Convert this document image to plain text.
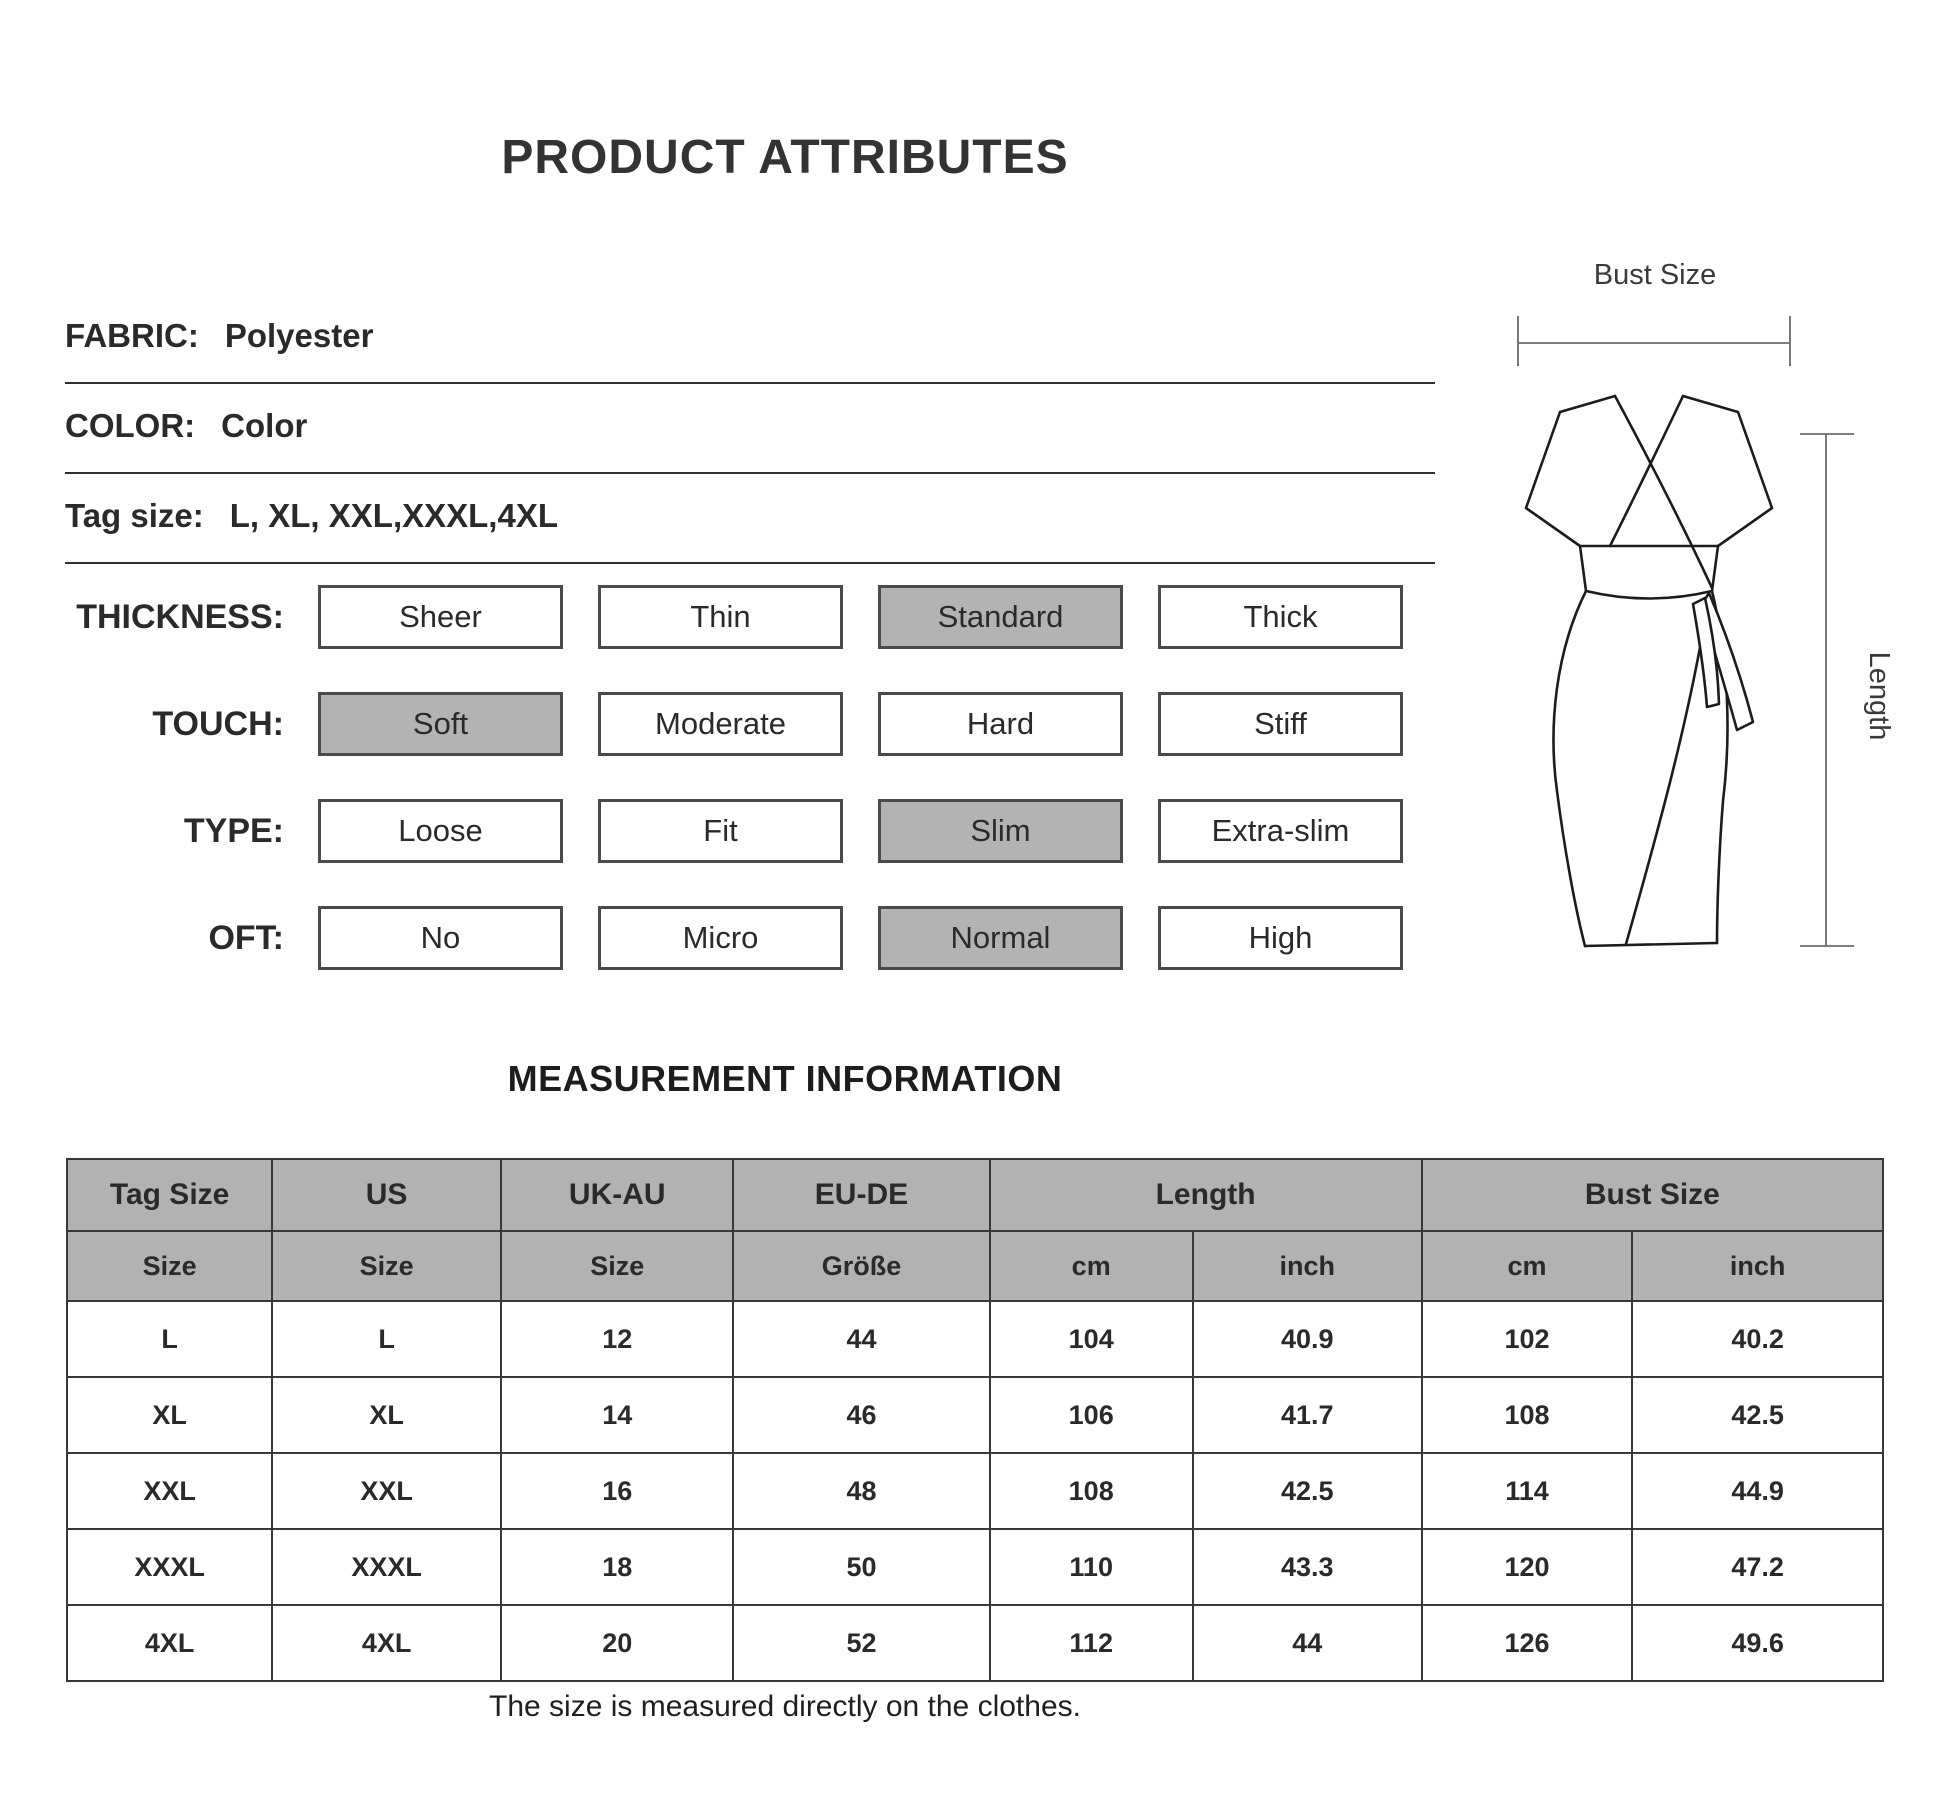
PRODUCT ATTRIBUTES
FABRIC: Polyester
COLOR: Color
Tag size: L, XL, XXL,XXXL,4XL
THICKNESS:	Sheer	Thin	Standard	Thick
TOUCH:	Soft	Moderate	Hard	Stiff
TYPE:	Loose	Fit	Slim	Extra-slim
OFT:	No	Micro	Normal	High
Bust Size
Length
MEASUREMENT INFORMATION
Tag Size	US	UK-AU	EU-DE	Length		Bust Size	
Size	Size	Size	Größe	cm	inch	cm	inch
L	L	12	44	104	40.9	102	40.2
XL	XL	14	46	106	41.7	108	42.5
XXL	XXL	16	48	108	42.5	114	44.9
XXXL	XXXL	18	50	110	43.3	120	47.2
4XL	4XL	20	52	112	44	126	49.6
The size is measured directly on the clothes.
